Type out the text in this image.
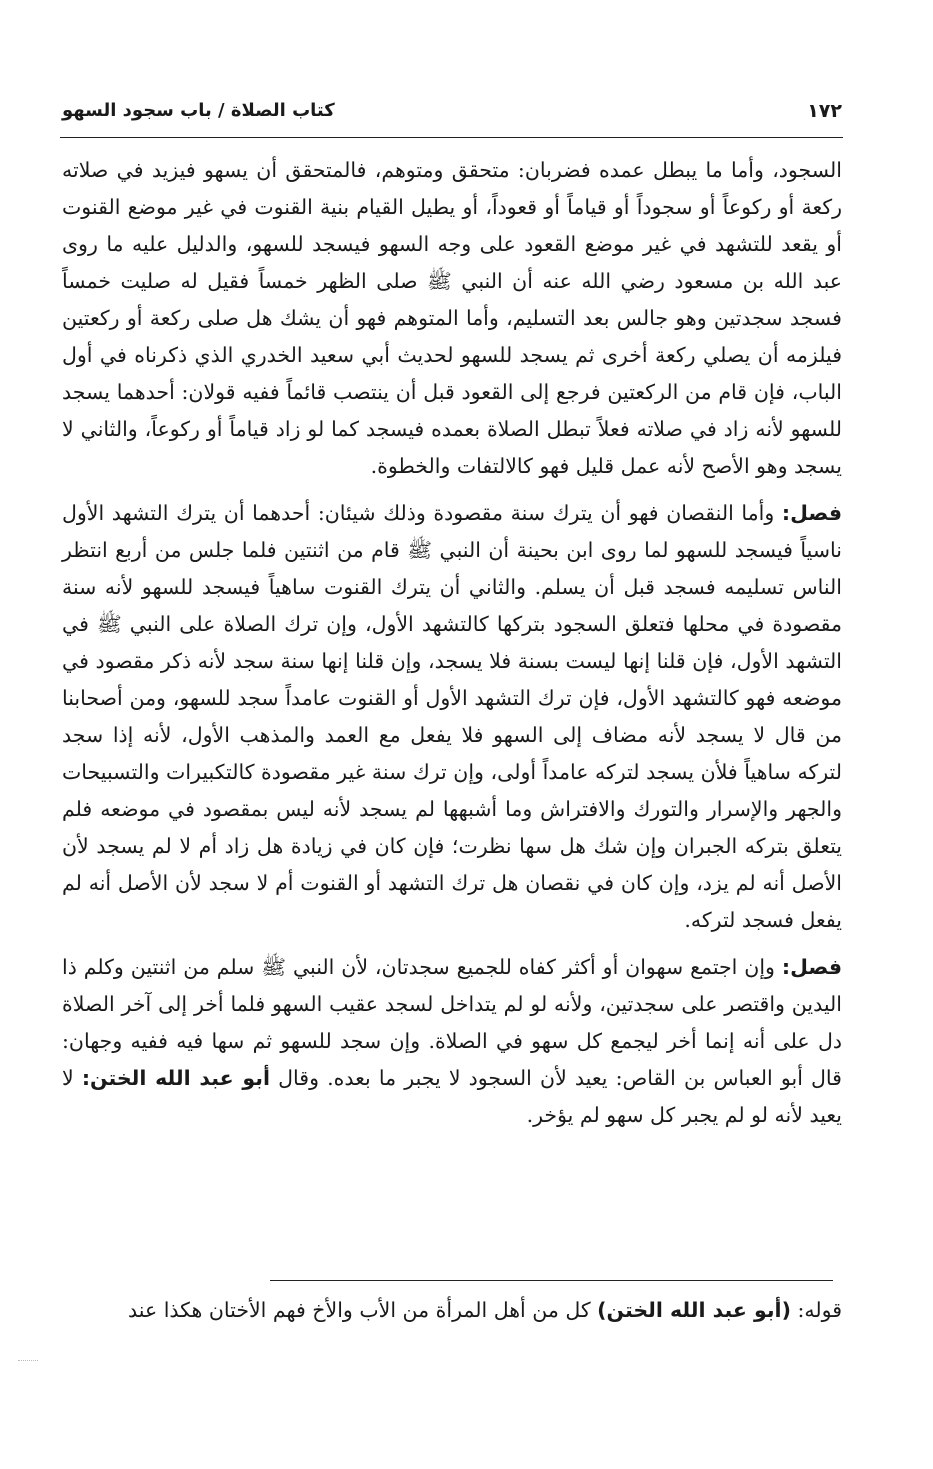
١٧٢
كتاب الصلاة / باب سجود السهو

السجود، وأما ما يبطل عمده فضربان: متحقق ومتوهم، فالمتحقق أن يسهو فيزيد في صلاته ركعة أو ركوعاً أو سجوداً أو قياماً أو قعوداً، أو يطيل القيام بنية القنوت في غير موضع القنوت أو يقعد للتشهد في غير موضع القعود على وجه السهو فيسجد للسهو، والدليل عليه ما روى عبد الله بن مسعود رضي الله عنه أن النبي ﷺ صلى الظهر خمساً فقيل له صليت خمساً فسجد سجدتين وهو جالس بعد التسليم، وأما المتوهم فهو أن يشك هل صلى ركعة أو ركعتين فيلزمه أن يصلي ركعة أخرى ثم يسجد للسهو لحديث أبي سعيد الخدري الذي ذكرناه في أول الباب، فإن قام من الركعتين فرجع إلى القعود قبل أن ينتصب قائماً ففيه قولان: أحدهما يسجد للسهو لأنه زاد في صلاته فعلاً تبطل الصلاة بعمده فيسجد كما لو زاد قياماً أو ركوعاً، والثاني لا يسجد وهو الأصح لأنه عمل قليل فهو كالالتفات والخطوة.

فصل: وأما النقصان فهو أن يترك سنة مقصودة وذلك شيئان: أحدهما أن يترك التشهد الأول ناسياً فيسجد للسهو لما روى ابن بحينة أن النبي ﷺ قام من اثنتين فلما جلس من أربع انتظر الناس تسليمه فسجد قبل أن يسلم. والثاني أن يترك القنوت ساهياً فيسجد للسهو لأنه سنة مقصودة في محلها فتعلق السجود بتركها كالتشهد الأول، وإن ترك الصلاة على النبي ﷺ في التشهد الأول، فإن قلنا إنها ليست بسنة فلا يسجد، وإن قلنا إنها سنة سجد لأنه ذكر مقصود في موضعه فهو كالتشهد الأول، فإن ترك التشهد الأول أو القنوت عامداً سجد للسهو، ومن أصحابنا من قال لا يسجد لأنه مضاف إلى السهو فلا يفعل مع العمد والمذهب الأول، لأنه إذا سجد لتركه ساهياً فلأن يسجد لتركه عامداً أولى، وإن ترك سنة غير مقصودة كالتكبيرات والتسبيحات والجهر والإسرار والتورك والافتراش وما أشبهها لم يسجد لأنه ليس بمقصود في موضعه فلم يتعلق بتركه الجبران وإن شك هل سها نظرت؛ فإن كان في زيادة هل زاد أم لا لم يسجد لأن الأصل أنه لم يزد، وإن كان في نقصان هل ترك التشهد أو القنوت أم لا سجد لأن الأصل أنه لم يفعل فسجد لتركه.

فصل: وإن اجتمع سهوان أو أكثر كفاه للجميع سجدتان، لأن النبي ﷺ سلم من اثنتين وكلم ذا اليدين واقتصر على سجدتين، ولأنه لو لم يتداخل لسجد عقيب السهو فلما أخر إلى آخر الصلاة دل على أنه إنما أخر ليجمع كل سهو في الصلاة. وإن سجد للسهو ثم سها فيه ففيه وجهان: قال أبو العباس بن القاص: يعيد لأن السجود لا يجبر ما بعده. وقال أبو عبد الله الختن: لا يعيد لأنه لو لم يجبر كل سهو لم يؤخر.

قوله: (أبو عبد الله الختن) كل من أهل المرأة من الأب والأخ فهم الأختان هكذا عند
